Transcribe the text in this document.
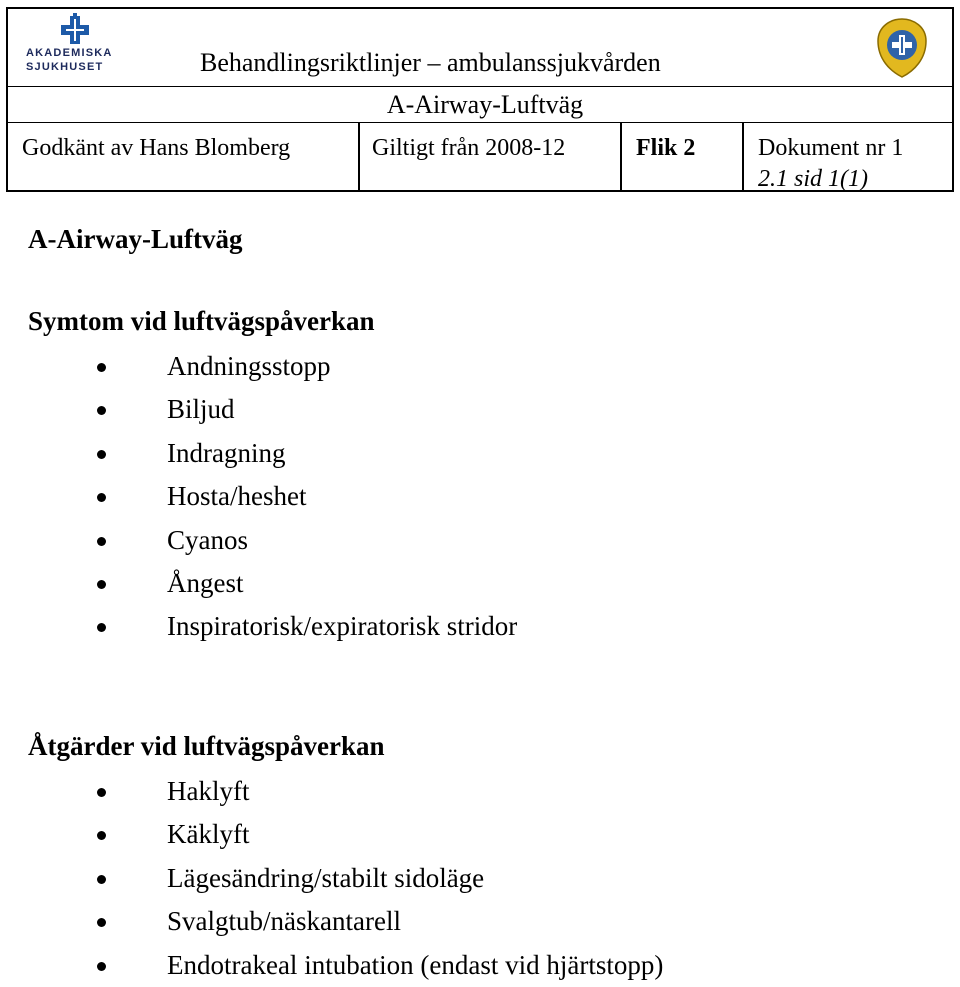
AKADEMISKA
SJUKHUSET	Behandlingsriktlinjer – ambulanssjukvården
A-Airway-Luftväg
Godkänt av Hans Blomberg	Giltigt från 2008-12	Flik 2	Dokument nr 1
2.1 sid 1(1)
A-Airway-Luftväg
Symtom vid luftvägspåverkan
Andningsstopp
Biljud
Indragning
Hosta/heshet
Cyanos
Ångest
Inspiratorisk/expiratorisk stridor
Åtgärder vid luftvägspåverkan
Haklyft
Käklyft
Lägesändring/stabilt sidoläge
Svalgtub/näskantarell
Endotrakeal intubation (endast vid hjärtstopp)
